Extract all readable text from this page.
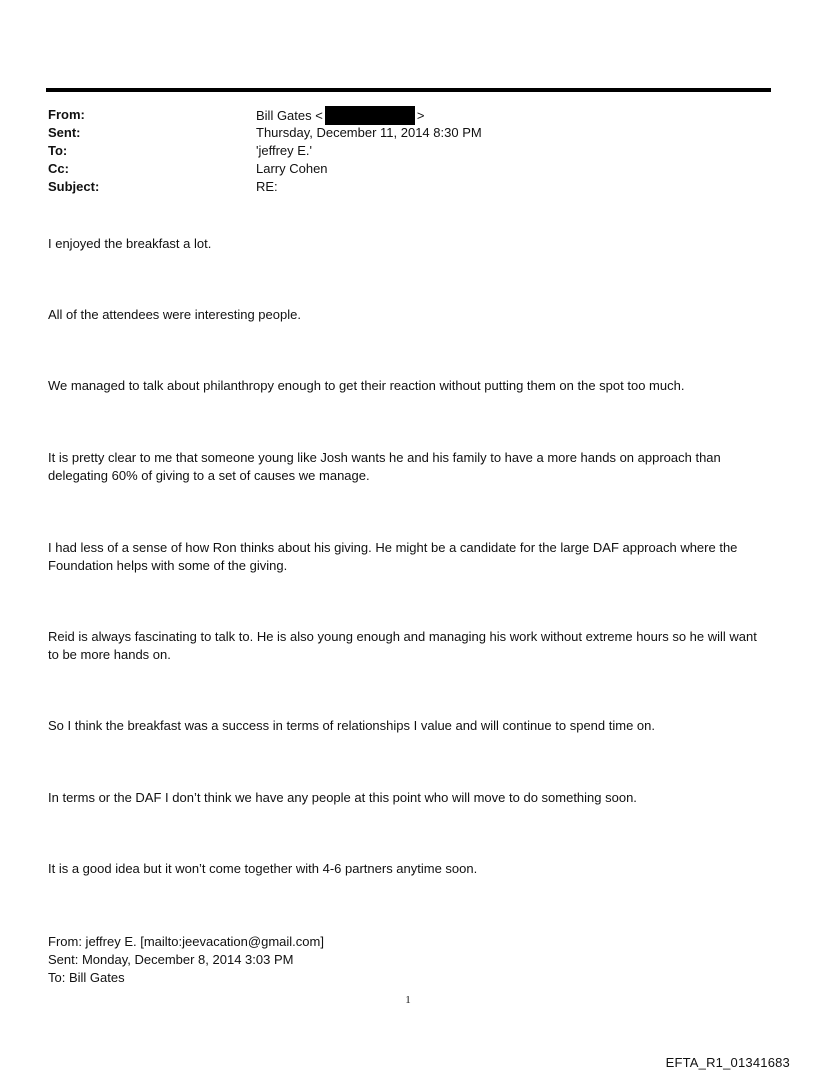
From:	Bill Gates <	>
Sent:	Thursday, December 11, 2014 8:30 PM
To:	'jeffrey E.'
Cc:	Larry Cohen
Subject:	RE:

I enjoyed the breakfast a lot.

All of the attendees were interesting people.

We managed to talk about philanthropy enough to get their reaction without putting them on the spot too much.

It is pretty clear to me that someone young like Josh wants he and his family to have a more hands on approach than delegating 60% of giving to a set of causes we manage.

I had less of a sense of how Ron thinks about his giving. He might be a candidate for the large DAF approach where the Foundation helps with some of the giving.

Reid is always fascinating to talk to. He is also young enough and managing his work without extreme hours so he will want to be more hands on.

So I think the breakfast was a success in terms of relationships I value and will continue to spend time on.

In terms or the DAF I don’t think we have any people at this point who will move to do something soon.

It is a good idea but it won’t come together with 4-6 partners anytime soon.

From: jeffrey E. [mailto:jeevacation@gmail.com]
Sent: Monday, December 8, 2014 3:03 PM
To: Bill Gates
1
EFTA_R1_01341683
